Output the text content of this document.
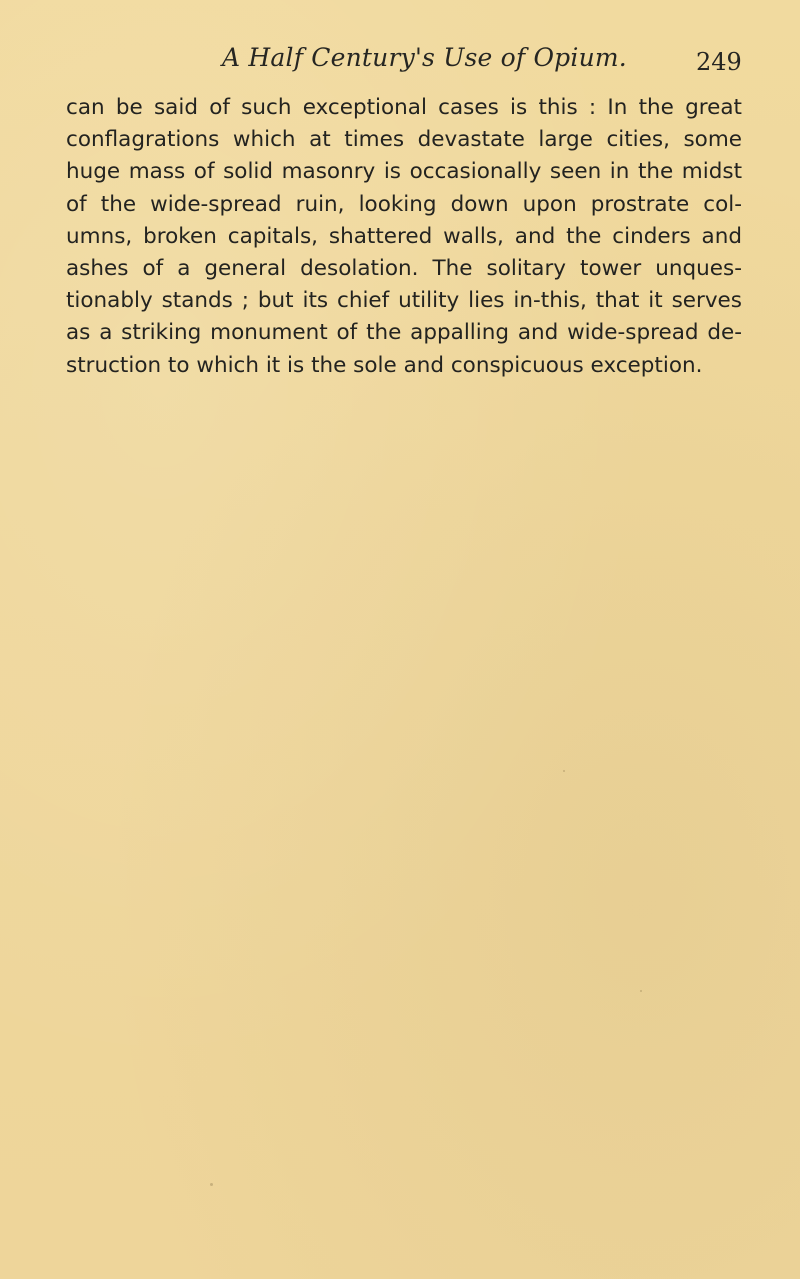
A Half Century's Use of Opium.	249
can be said of such exceptional cases is this : In the great
conflagrations which at times devastate large cities, some
huge mass of solid masonry is occasionally seen in the midst
of the wide-spread ruin, looking down upon prostrate col-
umns, broken capitals, shattered walls, and the cinders and
ashes of a general desolation. The solitary tower unques-
tionably stands ; but its chief utility lies in-this, that it serves
as a striking monument of the appalling and wide-spread de-
struction to which it is the sole and conspicuous exception.
